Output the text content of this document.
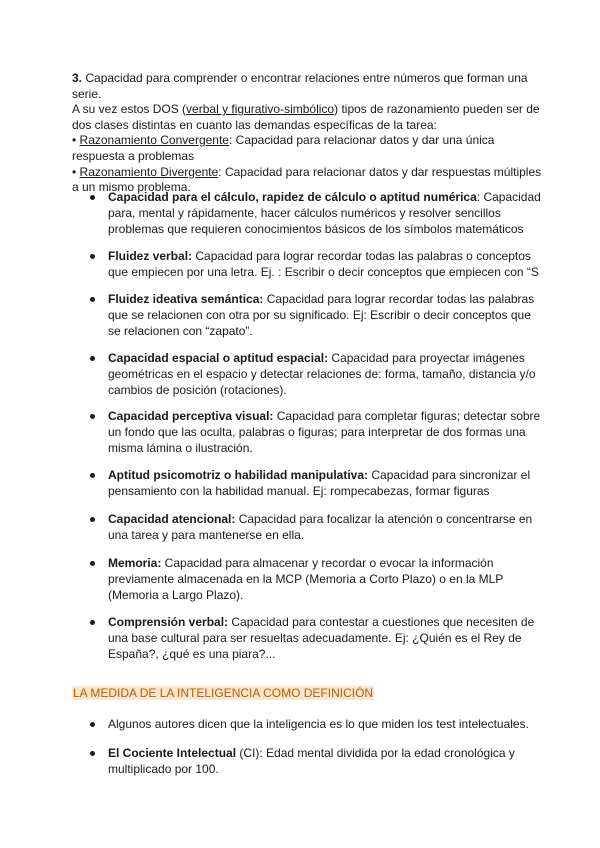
3. Capacidad para comprender o encontrar relaciones entre números que forman una serie.

A su vez estos DOS (verbal y figurativo-simbólico) tipos de razonamiento pueden ser de dos clases distintas en cuanto las demandas específicas de la tarea:

• Razonamiento Convergente: Capacidad para relacionar datos y dar una única respuesta a problemas

• Razonamiento Divergente: Capacidad para relacionar datos y dar respuestas múltiples a un mismo problema.

Capacidad para el cálculo, rapidez de cálculo o aptitud numérica: Capacidad para, mental y rápidamente, hacer cálculos numéricos y resolver sencillos problemas que requieren conocimientos básicos de los símbolos matemáticos
Fluidez verbal: Capacidad para lograr recordar todas las palabras o conceptos que empiecen por una letra. Ej. : Escribir o decir conceptos que empiecen con “S
Fluidez ideativa semántica: Capacidad para lograr recordar todas las palabras que se relacionen con otra por su significado. Ej: Escribir o decir conceptos que se relacionen con “zapato”.
Capacidad espacial o aptitud espacial: Capacidad para proyectar imágenes geométricas en el espacio y detectar relaciones de: forma, tamaño, distancia y/o cambios de posición (rotaciones).
Capacidad perceptiva visual: Capacidad para completar figuras; detectar sobre un fondo que las oculta, palabras o figuras; para interpretar de dos formas una misma lámina o ilustración.
Aptitud psicomotriz o habilidad manipulativa: Capacidad para sincronizar el pensamiento con la habilidad manual. Ej: rompecabezas, formar figuras
Capacidad atencional: Capacidad para focalizar la atención o concentrarse en una tarea y para mantenerse en ella.
Memoria: Capacidad para almacenar y recordar o evocar la información previamente almacenada en la MCP (Memoria a Corto Plazo) o en la MLP (Memoria a Largo Plazo).
Comprensión verbal: Capacidad para contestar a cuestiones que necesiten de una base cultural para ser resueltas adecuadamente. Ej: ¿Quién es el Rey de España?, ¿qué es una piara?...
LA MEDIDA DE LA INTELIGENCIA COMO DEFINICIÓN
Algunos autores dicen que la inteligencia es lo que miden los test intelectuales.
El Cociente Intelectual (CI): Edad mental dividida por la edad cronológica y multiplicado por 100.
